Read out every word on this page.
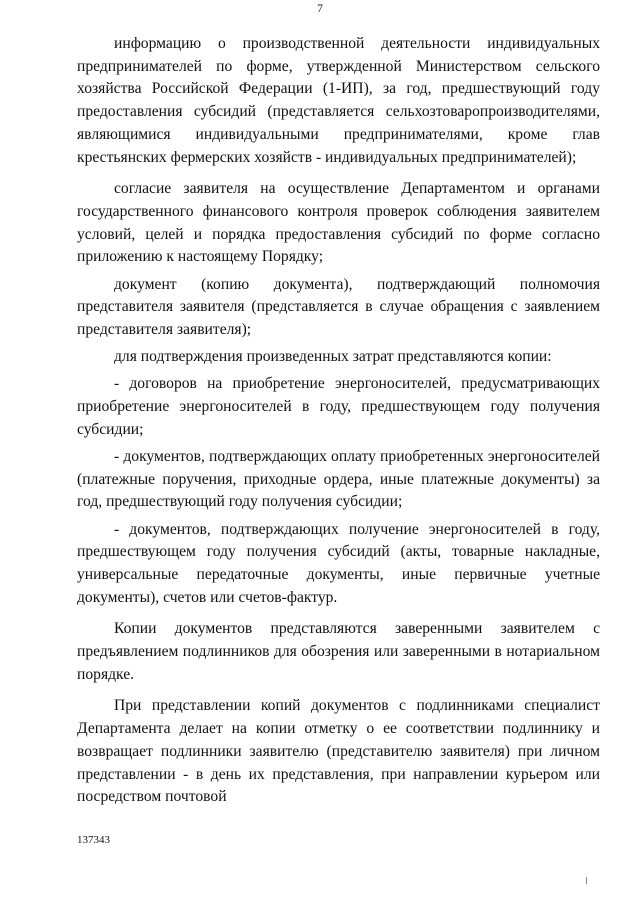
7

информацию о производственной деятельности индивидуальных предпринимателей по форме, утвержденной Министерством сельского хозяйства Российской Федерации (1-ИП), за год, предшествующий году предоставления субсидий (представляется сельхозтоваропроизводителями, являющимися индивидуальными предпринимателями, кроме глав крестьянских фермерских хозяйств - индивидуальных предпринимателей);

согласие заявителя на осуществление Департаментом и органами государственного финансового контроля проверок соблюдения заявителем условий, целей и порядка предоставления субсидий по форме согласно приложению к настоящему Порядку;

документ (копию документа), подтверждающий полномочия представителя заявителя (представляется в случае обращения с заявлением представителя заявителя);

для подтверждения произведенных затрат представляются копии:

- договоров на приобретение энергоносителей, предусматривающих приобретение энергоносителей в году, предшествующем году получения субсидии;

- документов, подтверждающих оплату приобретенных энергоносителей (платежные поручения, приходные ордера, иные платежные документы) за год, предшествующий году получения субсидии;

- документов, подтверждающих получение энергоносителей в году, предшествующем году получения субсидий (акты, товарные накладные, универсальные передаточные документы, иные первичные учетные документы), счетов или счетов-фактур.

Копии документов представляются заверенными заявителем с предъявлением подлинников для обозрения или заверенными в нотариальном порядке.

При представлении копий документов с подлинниками специалист Департамента делает на копии отметку о ее соответствии подлиннику и возвращает подлинники заявителю (представителю заявителя) при личном представлении - в день их представления, при направлении курьером или посредством почтовой

137343
